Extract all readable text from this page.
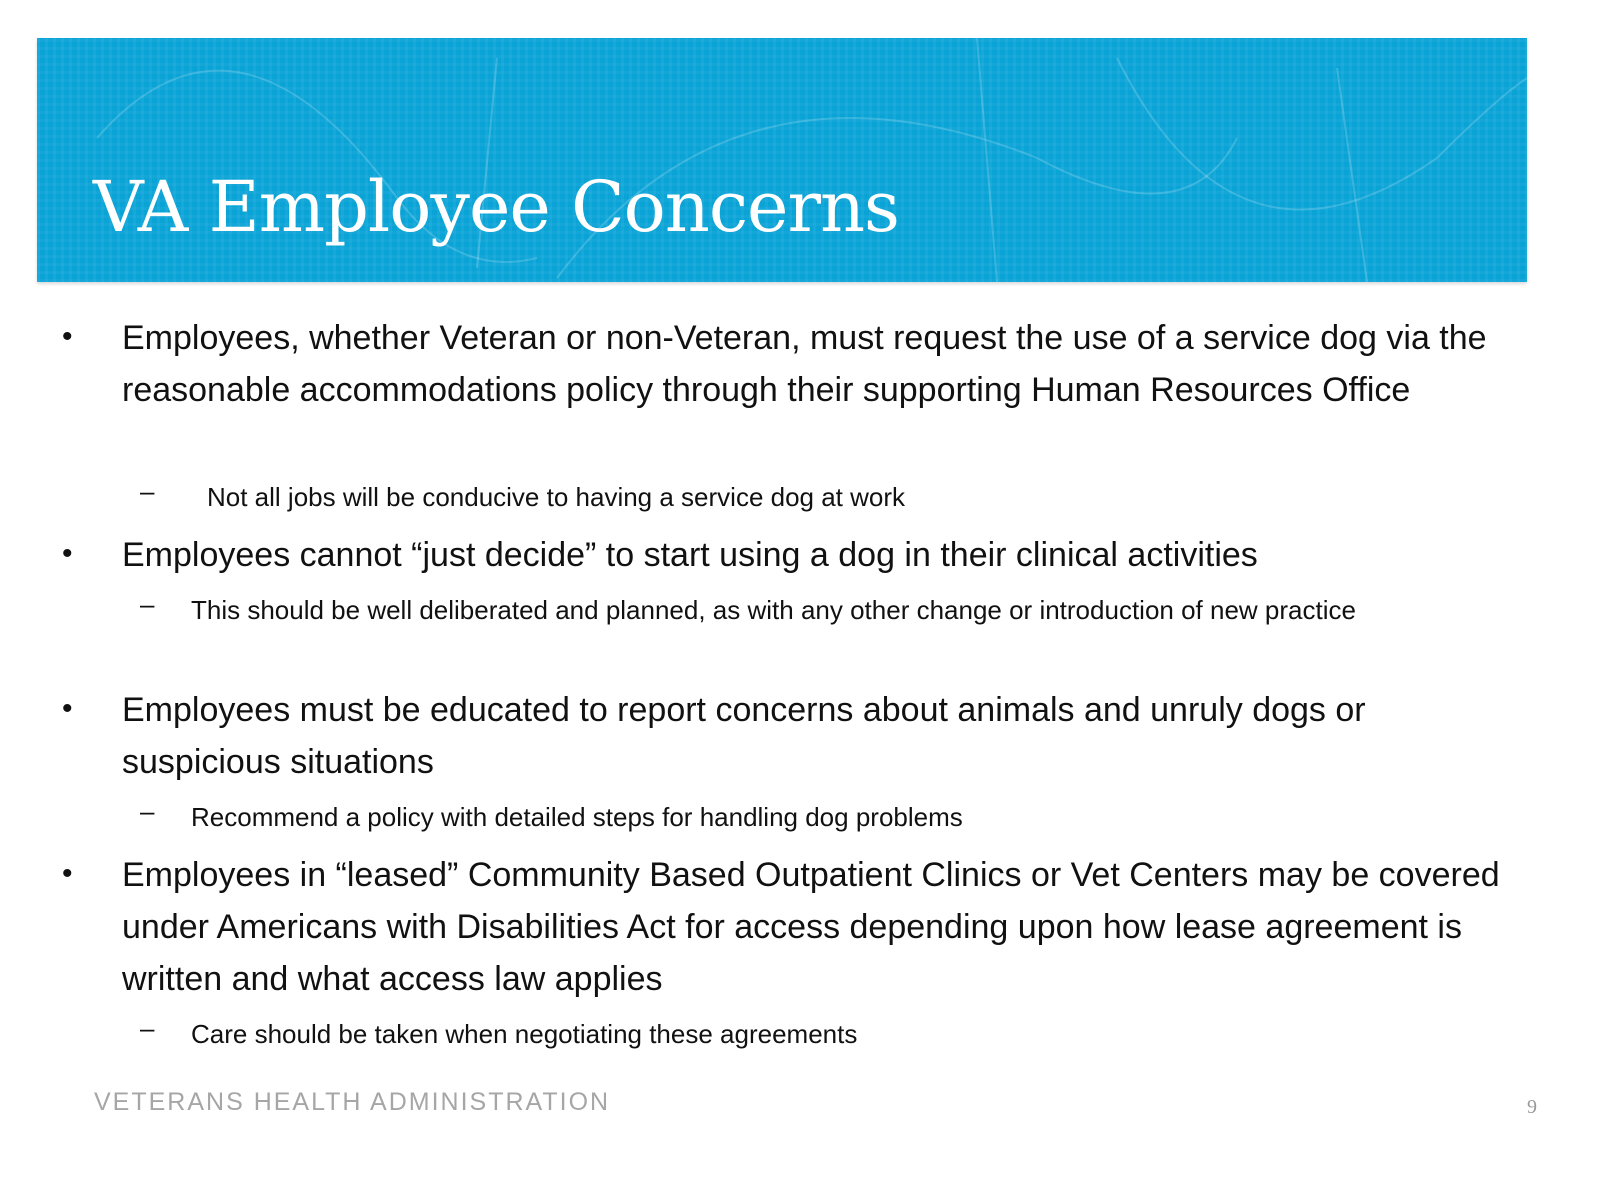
VA Employee Concerns
• Employees, whether Veteran or non-Veteran, must request the use of a service dog via the reasonable accommodations policy through their supporting Human Resources Office
– Not all jobs will be conducive to having a service dog at work
• Employees cannot “just decide” to start using a dog in their clinical activities
– This should be well deliberated and planned, as with any other change or introduction of new practice
• Employees must be educated to report concerns about animals and unruly dogs or suspicious situations
– Recommend a policy with detailed steps for handling dog problems
• Employees in “leased” Community Based Outpatient Clinics or Vet Centers may be covered under Americans with Disabilities Act for access depending upon how lease agreement is written and what access law applies
– Care should be taken when negotiating these agreements
VETERANS HEALTH ADMINISTRATION	9
